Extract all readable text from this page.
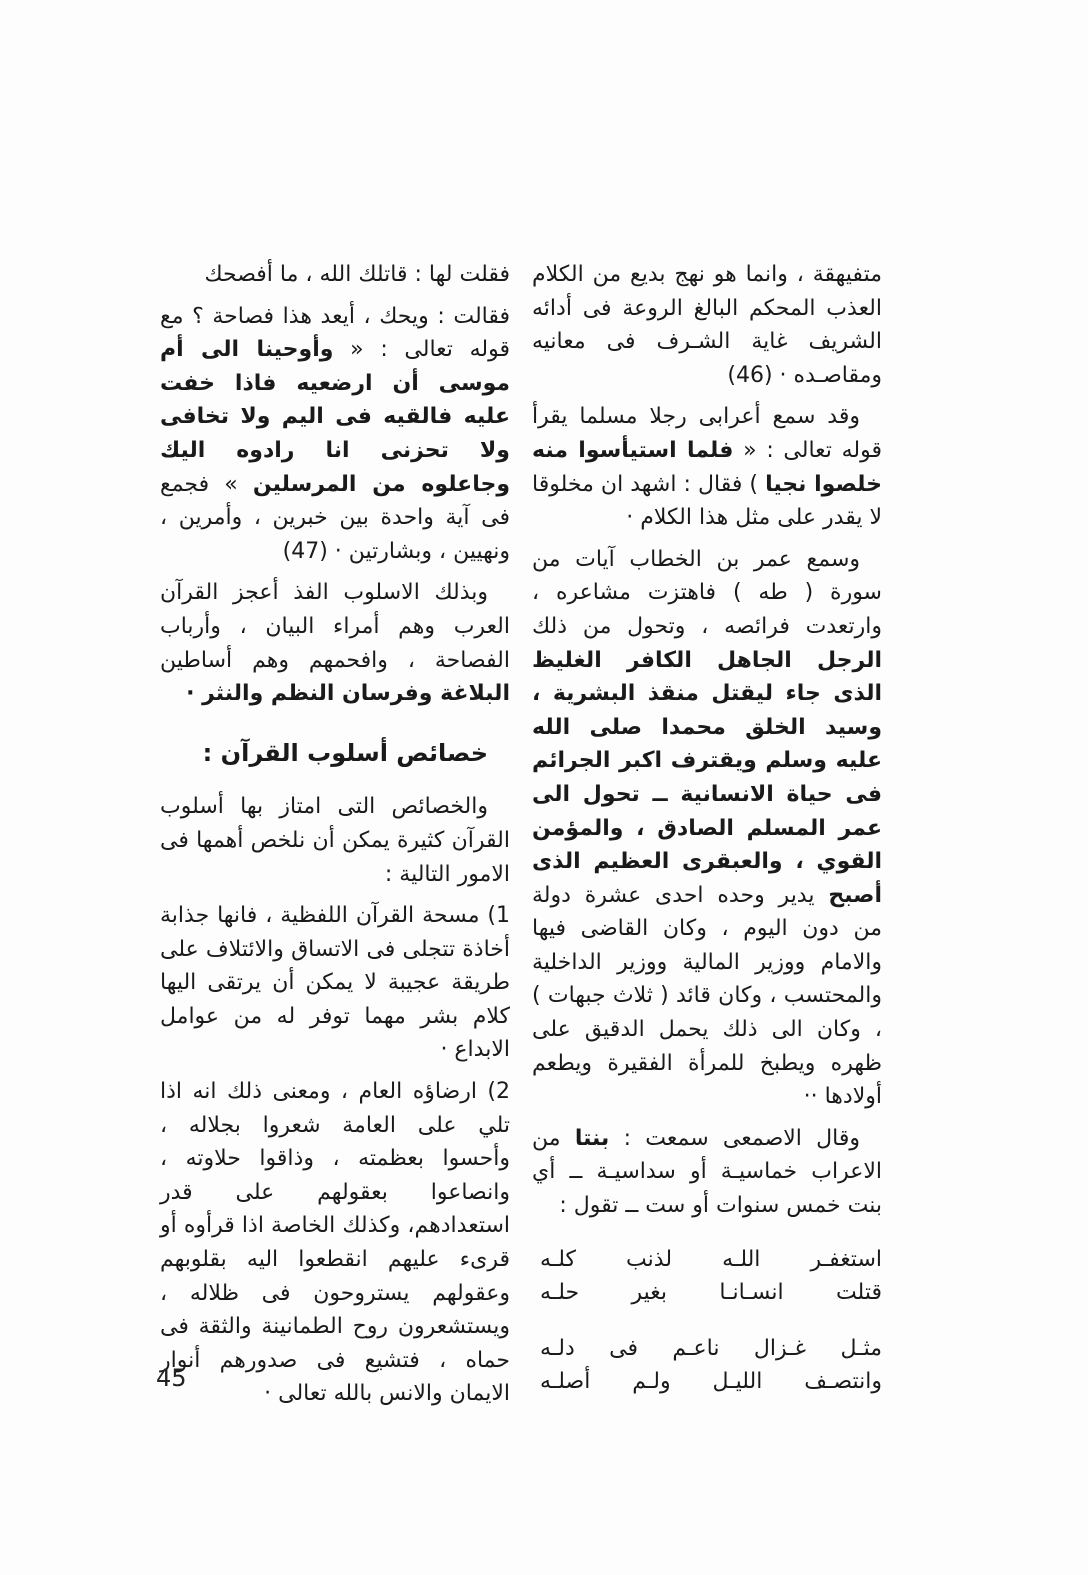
متفيهقة ، وانما هو نهج بديع من الكلام العذب المحكم البالغ الروعة فى أدائه الشريف غاية الشـرف فى معانيه ومقاصـده · (46)

وقد سمع أعرابى رجلا مسلما يقرأ قوله تعالى : « فلما استيأسوا منه خلصوا نجيا ) فقال : اشهد ان مخلوقا لا يقدر على مثل هذا الكلام ·

وسمع عمر بن الخطاب آيات من سورة ( طه ) فاهتزت مشاعره ، وارتعدت فرائصه ، وتحول من ذلك الرجل الجاهل الكافر الغليظ الذى جاء ليقتل منقذ البشرية ، وسيد الخلق محمدا صلى الله عليه وسلم ويقترف اكبر الجرائم فى حياة الانسانية ــ تحول الى عمر المسلم الصادق ، والمؤمن القوي ، والعبقرى العظيم الذى أصبح يدير وحده احدى عشرة دولة من دون اليوم ، وكان القاضى فيها والامام ووزير المالية ووزير الداخلية والمحتسب ، وكان قائد ( ثلاث جبهات ) ، وكان الى ذلك يحمل الدقيق على ظهره ويطبخ للمرأة الفقيرة ويطعم أولادها ··

وقال الاصمعى سمعت : بنتا من الاعراب خماسيـة أو سداسيـة ــ أي بنت خمس سنوات أو ست ــ تقول :

استغفـر اللـه لذنب كلـه
قتلت انسـانـا بغير حلـه
مثـل غـزال ناعـم فى دلـه
وانتصـف الليـل ولـم أصلـه

فقلت لها : قاتلك الله ، ما أفصحك

فقالت : ويحك ، أيعد هذا فصاحة ؟ مع قوله تعالى : « وأوحينا الى أم موسى أن ارضعيه فاذا خفت عليه فالقيه فى اليم ولا تخافى ولا تحزنى انا رادوه اليك وجاعلوه من المرسلين » فجمع فى آية واحدة بين خبرين ، وأمرين ، ونهيين ، وبشارتين · (47)

وبذلك الاسلوب الفذ أعجز القرآن العرب وهم أمراء البيان ، وأرباب الفصاحة ، وافحمهم وهم أساطين البلاغة وفرسان النظم والنثر ·

خصائص أسلوب القرآن :

والخصائص التى امتاز بها أسلوب القرآن كثيرة يمكن أن نلخص أهمها فى الامور التالية :

1) مسحة القرآن اللفظية ، فانها جذابة أخاذة تتجلى فى الاتساق والائتلاف على طريقة عجيبة لا يمكن أن يرتقى اليها كلام بشر مهما توفر له من عوامل الابداع ·

2) ارضاؤه العام ، ومعنى ذلك انه اذا تلي على العامة شعروا بجلاله ، وأحسوا بعظمته ، وذاقوا حلاوته ، وانصاعوا بعقولهم على قدر استعدادهم، وكذلك الخاصة اذا قرأوه أو قرىء عليهم انقطعوا اليه بقلوبهم وعقولهم يستروحون فى ظلاله ، ويستشعرون روح الطمانينة والثقة فى حماه ، فتشيع فى صدورهم أنوار الايمان والانس بالله تعالى ·

45
